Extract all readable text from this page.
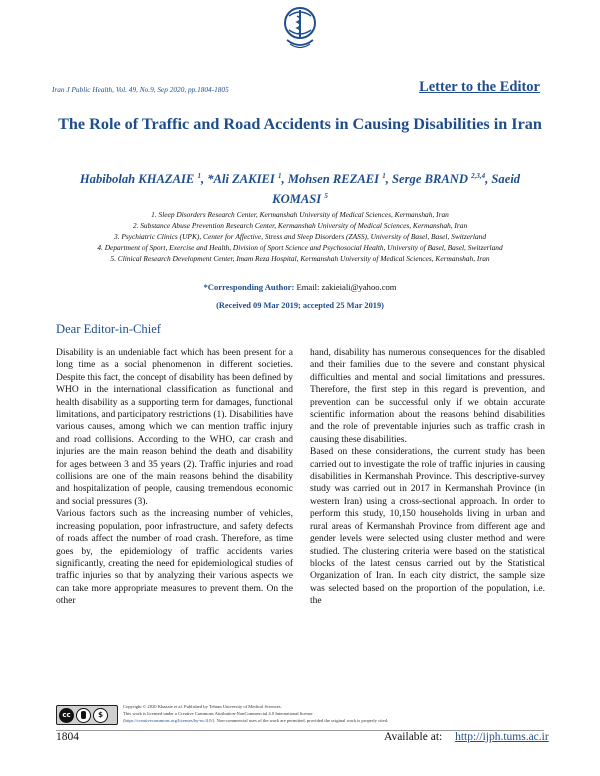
Iran J Public Health, Vol. 49, No.9, Sep 2020, pp.1804-1805	Letter to the Editor
The Role of Traffic and Road Accidents in Causing Disabilities in Iran
Habibolah KHAZAIE $^1$, *Ali ZAKIEI $^1$, Mohsen REZAEI $^1$, Serge BRAND $^{2,3,4}$, Saeid KOMASI $^5$
1. Sleep Disorders Research Center, Kermanshah University of Medical Sciences, Kermanshah, Iran
2. Substance Abuse Prevention Research Center, Kermanshah University of Medical Sciences, Kermanshah, Iran
3. Psychiatric Clinics (UPK), Center for Affective, Stress and Sleep Disorders (ZASS), University of Basel, Basel, Switzerland
4. Department of Sport, Exercise and Health, Division of Sport Science and Psychosocial Health, University of Basel, Basel, Switzerland
5. Clinical Research Development Center, Imam Reza Hospital, Kermanshah University of Medical Sciences, Kermanshah, Iran
*Corresponding Author: Email: zakieiali@yahoo.com
(Received 09 Mar 2019; accepted 25 Mar 2019)
Dear Editor-in-Chief

Disability is an undeniable fact which has been present for a long time as a social phenomenon in different societies. Despite this fact, the concept of disability has been defined by WHO in the international classification as functional and health disability as a supporting term for damages, functional limitations, and participatory restrictions (1). Disabilities have various causes, among which we can mention traffic injury and road collisions. According to the WHO, car crash and injuries are the main reason behind the death and disability for ages between 3 and 35 years (2). Traffic injuries and road collisions are one of the main reasons behind the disability and hospitalization of people, causing tremendous economic and social pressures (3).

Various factors such as the increasing number of vehicles, increasing population, poor infrastructure, and safety defects of roads affect the number of road crash. Therefore, as time goes by, the epidemiology of traffic accidents varies significantly, creating the need for epidemiological studies of traffic injuries so that by analyzing their various aspects we can take more appropriate measures to prevent them. On the other

hand, disability has numerous consequences for the disabled and their families due to the severe and constant physical difficulties and mental and social limitations and pressures. Therefore, the first step in this regard is prevention, and prevention can be successful only if we obtain accurate scientific information about the reasons behind disabilities and the role of preventable injuries such as traffic crash in causing these disabilities.

Based on these considerations, the current study has been carried out to investigate the role of traffic injuries in causing disabilities in Kermanshah Province. This descriptive-survey study was carried out in 2017 in Kermanshah Province (in western Iran) using a cross-sectional approach. In order to perform this study, 10,150 households living in urban and rural areas of Kermanshah Province from different age and gender levels were selected using cluster method and were studied. The clustering criteria were based on the statistical blocks of the latest census carried out by the Statistical Organization of Iran. In each city district, the sample size was selected based on the proportion of the population, i.e. the

cc	$
Copyright © 2020 Khazaie et al. Published by Tehran University of Medical Sciences.
This work is licensed under a Creative Commons Attribution-NonCommercial 4.0 International license
(https://creativecommons.org/licenses/by-nc/4.0/). Non-commercial uses of the work are permitted, provided the original work is properly cited.
1804	Available at: http://ijph.tums.ac.ir
